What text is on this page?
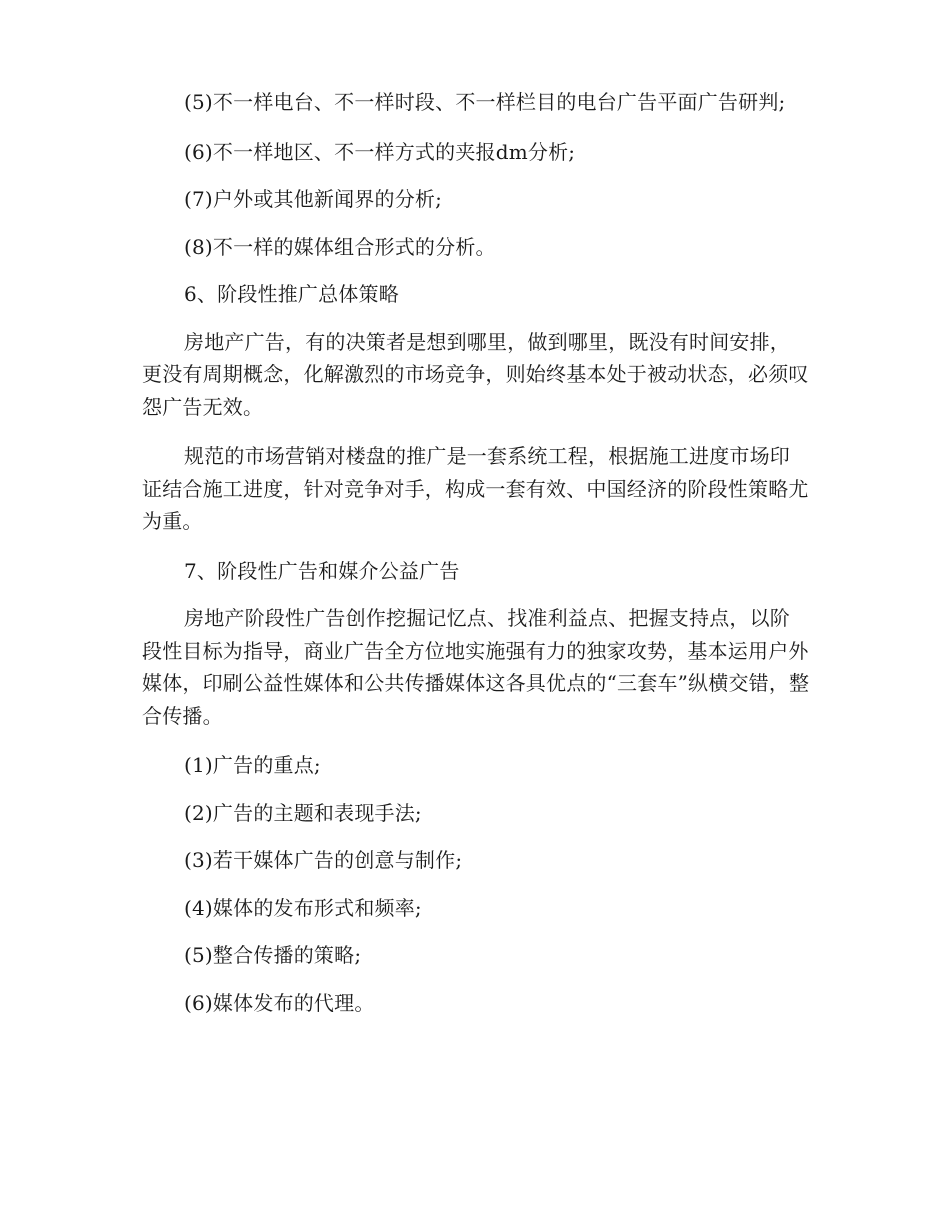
(5)不一样电台、不一样时段、不一样栏目的电台广告平面广告研判;

(6)不一样地区、不一样方式的夹报dm分析;

(7)户外或其他新闻界的分析;

(8)不一样的媒体组合形式的分析。

6、阶段性推广总体策略

房地产广告，有的决策者是想到哪里，做到哪里，既没有时间安排，更没有周期概念，化解激烈的市场竞争，则始终基本处于被动状态，必须叹怨广告无效。

规范的市场营销对楼盘的推广是一套系统工程，根据施工进度市场印证结合施工进度，针对竞争对手，构成一套有效、中国经济的阶段性策略尤为重。

7、阶段性广告和媒介公益广告

房地产阶段性广告创作挖掘记忆点、找准利益点、把握支持点，以阶段性目标为指导，商业广告全方位地实施强有力的独家攻势，基本运用户外媒体，印刷公益性媒体和公共传播媒体这各具优点的“三套车”纵横交错，整合传播。

(1)广告的重点;

(2)广告的主题和表现手法;

(3)若干媒体广告的创意与制作;

(4)媒体的发布形式和频率;

(5)整合传播的策略;

(6)媒体发布的代理。
